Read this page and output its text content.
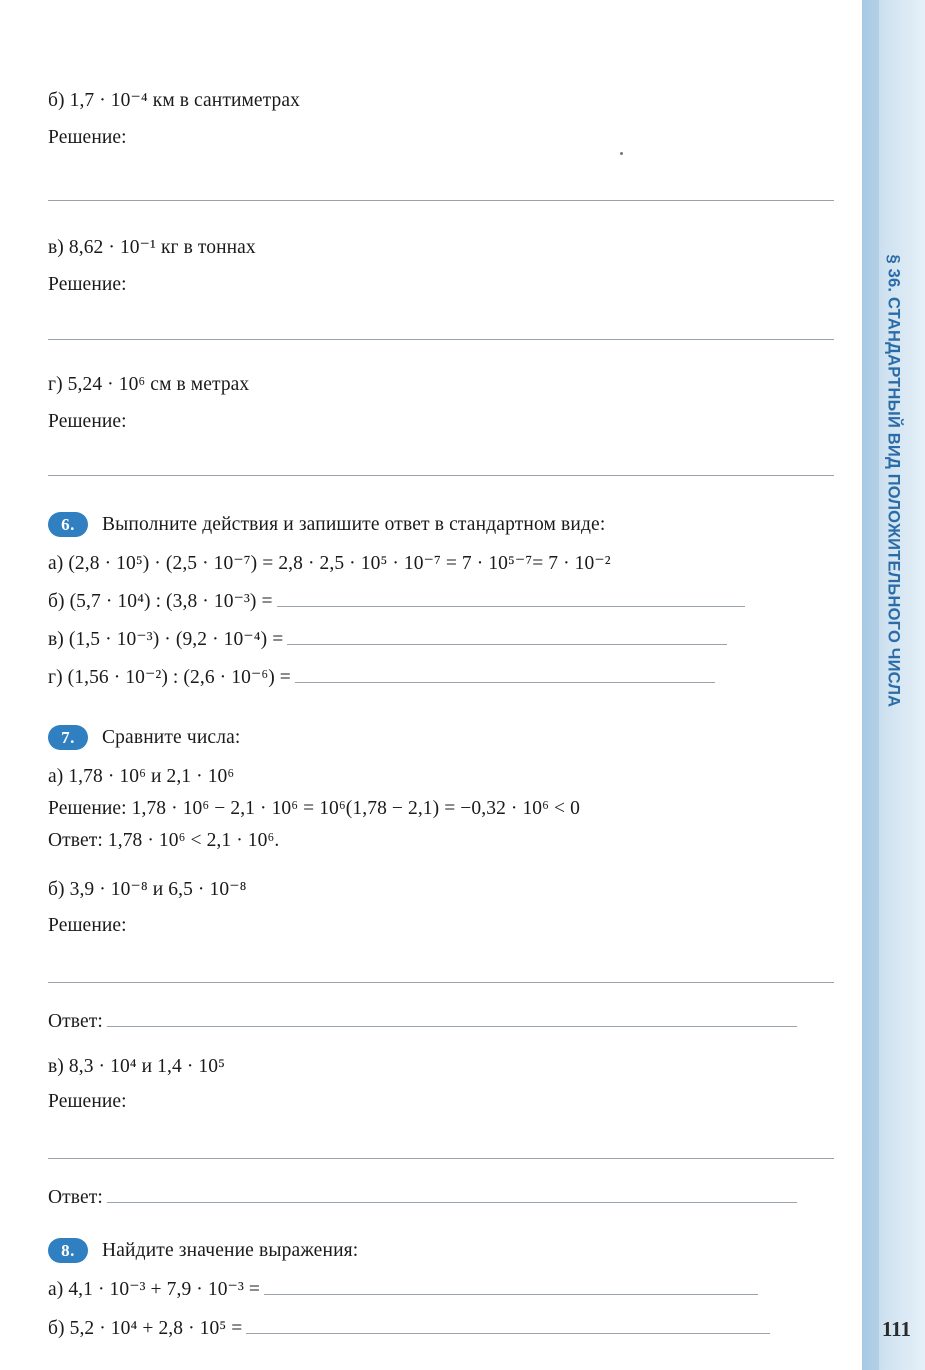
б) 1,7 · 10⁻⁴ км в сантиметрах
Решение:
в) 8,62 · 10⁻¹ кг в тоннах
Решение:
г) 5,24 · 10⁶ см в метрах
Решение:
6.	Выполните действия и запишите ответ в стандартном виде:
а) (2,8 · 10⁵) · (2,5 · 10⁻⁷) = 2,8 · 2,5 · 10⁵ · 10⁻⁷ = 7 · 10⁵⁻⁷= 7 · 10⁻²
б) (5,7 · 10⁴) : (3,8 · 10⁻³) =
в) (1,5 · 10⁻³) · (9,2 · 10⁻⁴) =
г) (1,56 · 10⁻²) : (2,6 · 10⁻⁶) =
7.	Сравните числа:
а) 1,78 · 10⁶ и 2,1 · 10⁶
Решение: 1,78 · 10⁶ − 2,1 · 10⁶ = 10⁶(1,78 − 2,1) = −0,32 · 10⁶ < 0
Ответ: 1,78 · 10⁶ < 2,1 · 10⁶.
б) 3,9 · 10⁻⁸ и 6,5 · 10⁻⁸
Решение:
Ответ:
в) 8,3 · 10⁴ и 1,4 · 10⁵
Решение:
Ответ:
8.	Найдите значение выражения:
а) 4,1 · 10⁻³ + 7,9 · 10⁻³ =
б) 5,2 · 10⁴ + 2,8 · 10⁵ =
§ 36. СТАНДАРТНЫЙ ВИД ПОЛОЖИТЕЛЬНОГО ЧИСЛА
111
